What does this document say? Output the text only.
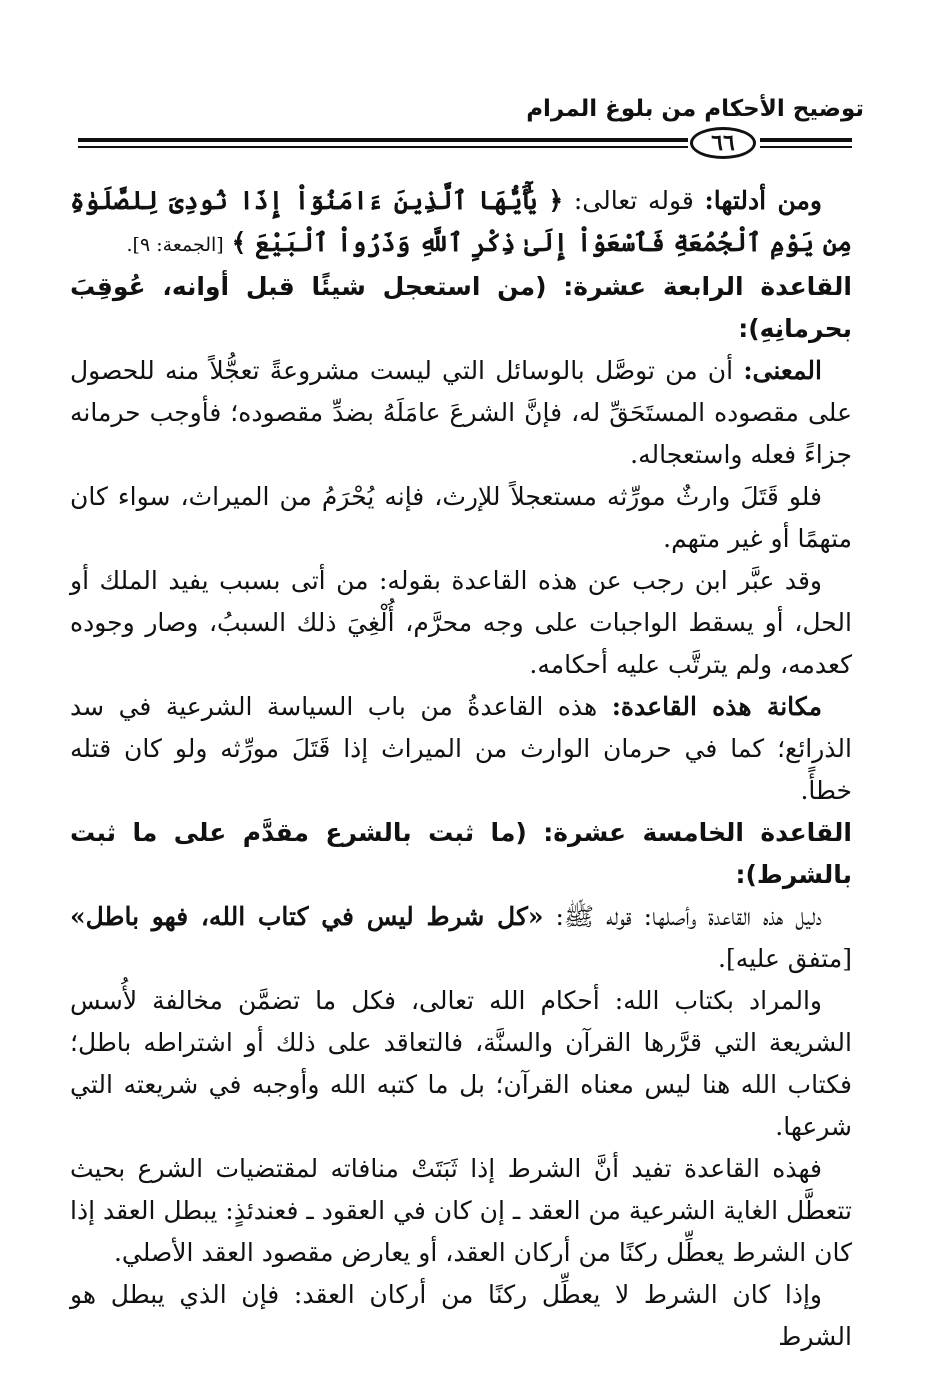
توضيح الأحكام من بلوغ المرام
٦٦

ومن أدلتها: قوله تعالى: ﴿ يَٰٓأَيُّهَا ٱلَّذِينَ ءَامَنُوٓاْ إِذَا نُودِىَ لِلصَّلَوٰةِ مِن يَوْمِ ٱلْجُمُعَةِ فَٱسْعَوْاْ إِلَىٰ ذِكْرِ ٱللَّهِ وَذَرُواْ ٱلْبَيْعَ ﴾ [الجمعة: ٩].

القاعدة الرابعة عشرة: (من استعجل شيئًا قبل أوانه، عُوقِبَ بحرمانِهِ):

المعنى: أن من توصَّل بالوسائل التي ليست مشروعةً تعجُّلاً منه للحصول على مقصوده المستَحَقِّ له، فإنَّ الشرعَ عامَلَهُ بضدِّ مقصوده؛ فأوجب حرمانه جزاءً فعله واستعجاله.

فلو قَتَلَ وارثٌ مورِّثه مستعجلاً للإرث، فإنه يُحْرَمُ من الميراث، سواء كان متهمًا أو غير متهم.

وقد عبَّر ابن رجب عن هذه القاعدة بقوله: من أتى بسبب يفيد الملك أو الحل، أو يسقط الواجبات على وجه محرَّم، أُلْغِيَ ذلك السببُ، وصار وجوده كعدمه، ولم يترتَّب عليه أحكامه.

مكانة هذه القاعدة: هذه القاعدةُ من باب السياسة الشرعية في سد الذرائع؛ كما في حرمان الوارث من الميراث إذا قَتَلَ مورِّثه ولو كان قتله خطأً.

القاعدة الخامسة عشرة: (ما ثبت بالشرع مقدَّم على ما ثبت بالشرط):

دليل هذه القاعدة وأصلها: قوله ﷺ: «كل شرط ليس في كتاب الله، فهو باطل» [متفق عليه].

والمراد بكتاب الله: أحكام الله تعالى، فكل ما تضمَّن مخالفة لأُسس الشريعة التي قرَّرها القرآن والسنَّة، فالتعاقد على ذلك أو اشتراطه باطل؛ فكتاب الله هنا ليس معناه القرآن؛ بل ما كتبه الله وأوجبه في شريعته التي شرعها.

فهذه القاعدة تفيد أنَّ الشرط إذا ثَبَتَتْ منافاته لمقتضيات الشرع بحيث تتعطَّل الغاية الشرعية من العقد ـ إن كان في العقود ـ فعندئذٍ: يبطل العقد إذا كان الشرط يعطِّل ركنًا من أركان العقد، أو يعارض مقصود العقد الأصلي.

وإذا كان الشرط لا يعطِّل ركنًا من أركان العقد: فإن الذي يبطل هو الشرط
